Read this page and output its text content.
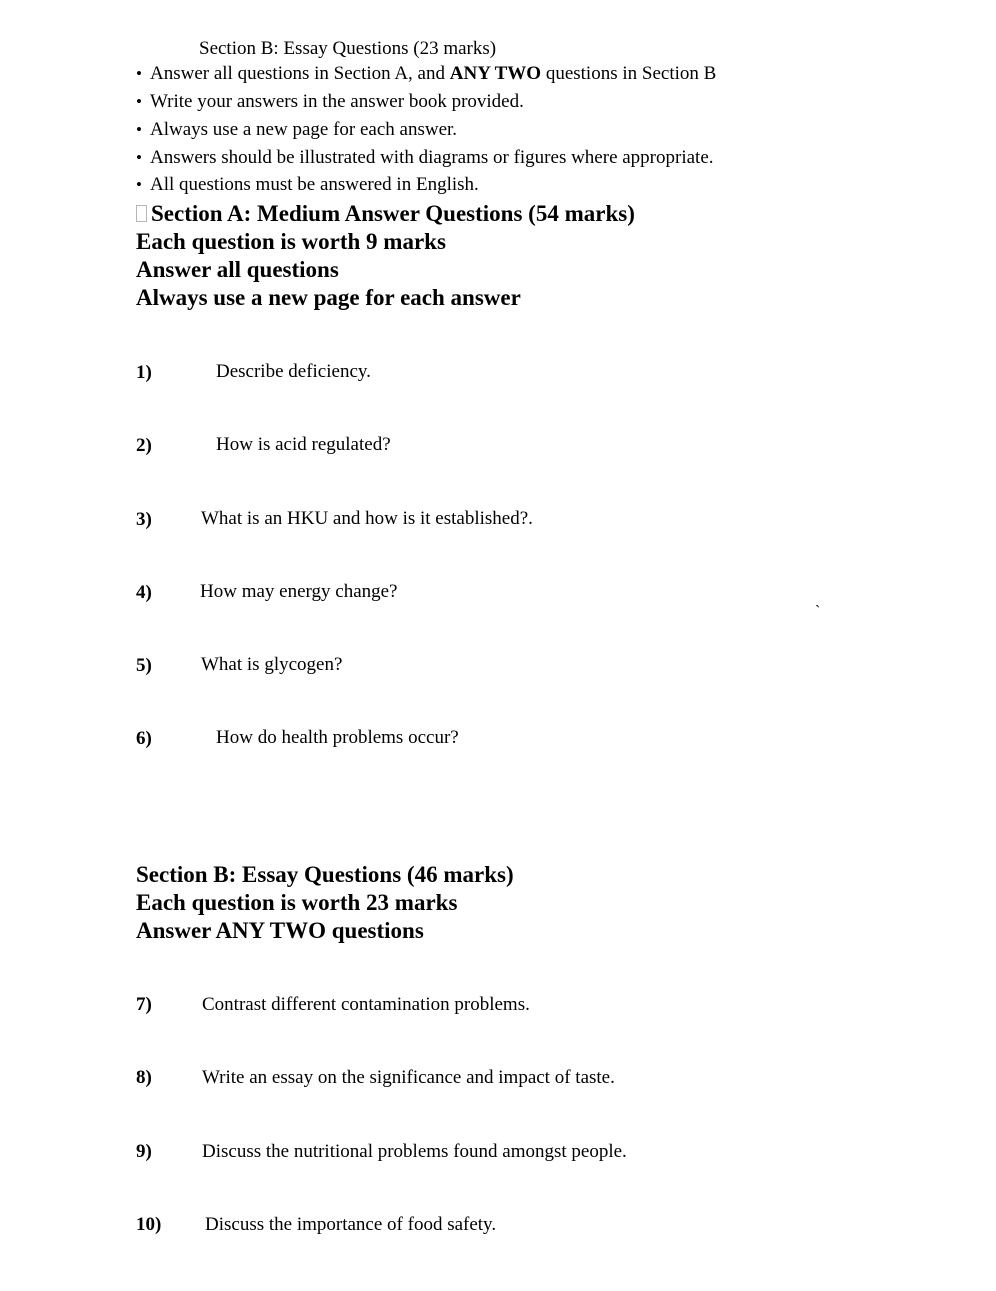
Section B: Essay Questions (23 marks)
• Answer all questions in Section A, and ANY TWO questions in Section B
• Write your answers in the answer book provided.
• Always use a new page for each answer.
• Answers should be illustrated with diagrams or figures where appropriate.
• All questions must be answered in English.
Section A: Medium Answer Questions (54 marks)
Each question is worth 9 marks
Answer all questions
Always use a new page for each answer
1)	Describe deficiency.
2)	How is acid regulated?
3)	What is an HKU and how is it established?.
4)	How may energy change?
`
5)	What is glycogen?
6)	How do health problems occur?
Section B: Essay Questions (46 marks)
Each question is worth 23 marks
Answer ANY TWO questions
7)	Contrast different contamination problems.
8)	Write an essay on the significance and impact of taste.
9)	Discuss the nutritional problems found amongst people.
10) Discuss the importance of food safety.
